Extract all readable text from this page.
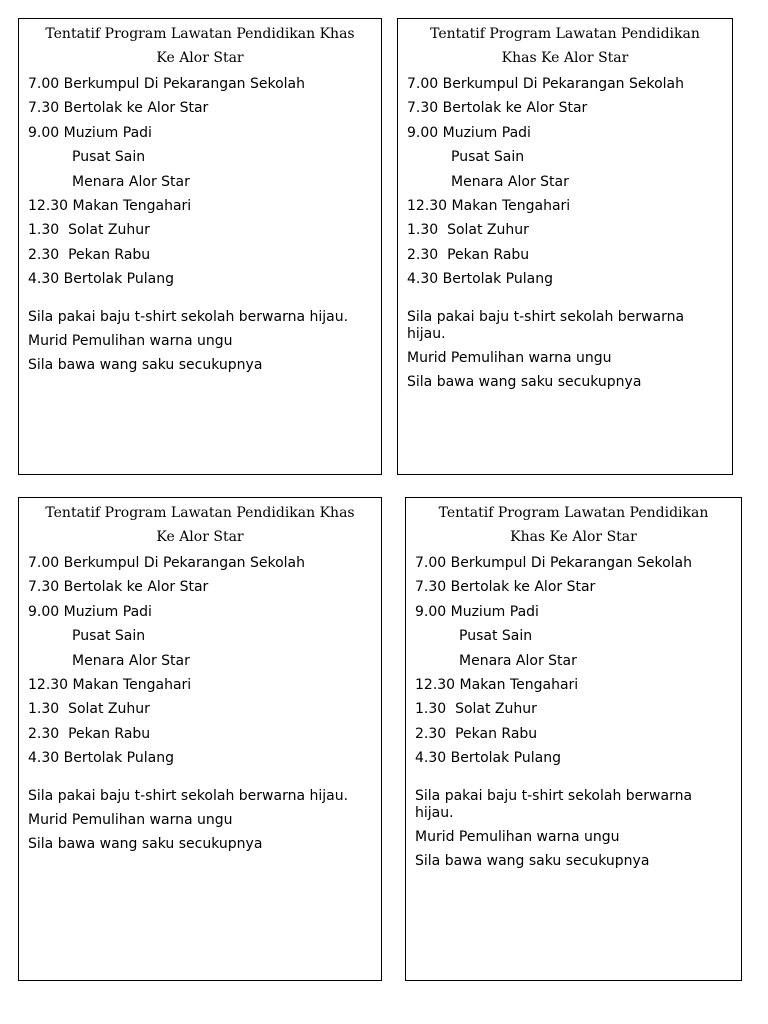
Tentatif Program Lawatan Pendidikan Khas
Ke Alor Star
7.00 Berkumpul Di Pekarangan Sekolah
7.30 Bertolak ke Alor Star
9.00 Muzium Padi
Pusat Sain
Menara Alor Star
12.30 Makan Tengahari
1.30  Solat Zuhur
2.30  Pekan Rabu
4.30 Bertolak Pulang

Sila pakai baju t-shirt sekolah berwarna hijau.

Murid Pemulihan warna ungu

Sila bawa wang saku secukupnya

Tentatif Program Lawatan Pendidikan
Khas Ke Alor Star
7.00 Berkumpul Di Pekarangan Sekolah
7.30 Bertolak ke Alor Star
9.00 Muzium Padi
Pusat Sain
Menara Alor Star
12.30 Makan Tengahari
1.30  Solat Zuhur
2.30  Pekan Rabu
4.30 Bertolak Pulang

Sila pakai baju t-shirt sekolah berwarna hijau.

Murid Pemulihan warna ungu

Sila bawa wang saku secukupnya

Tentatif Program Lawatan Pendidikan Khas
Ke Alor Star
7.00 Berkumpul Di Pekarangan Sekolah
7.30 Bertolak ke Alor Star
9.00 Muzium Padi
Pusat Sain
Menara Alor Star
12.30 Makan Tengahari
1.30  Solat Zuhur
2.30  Pekan Rabu
4.30 Bertolak Pulang

Sila pakai baju t-shirt sekolah berwarna hijau.

Murid Pemulihan warna ungu

Sila bawa wang saku secukupnya

Tentatif Program Lawatan Pendidikan
Khas Ke Alor Star
7.00 Berkumpul Di Pekarangan Sekolah
7.30 Bertolak ke Alor Star
9.00 Muzium Padi
Pusat Sain
Menara Alor Star
12.30 Makan Tengahari
1.30  Solat Zuhur
2.30  Pekan Rabu
4.30 Bertolak Pulang

Sila pakai baju t-shirt sekolah berwarna hijau.

Murid Pemulihan warna ungu

Sila bawa wang saku secukupnya
